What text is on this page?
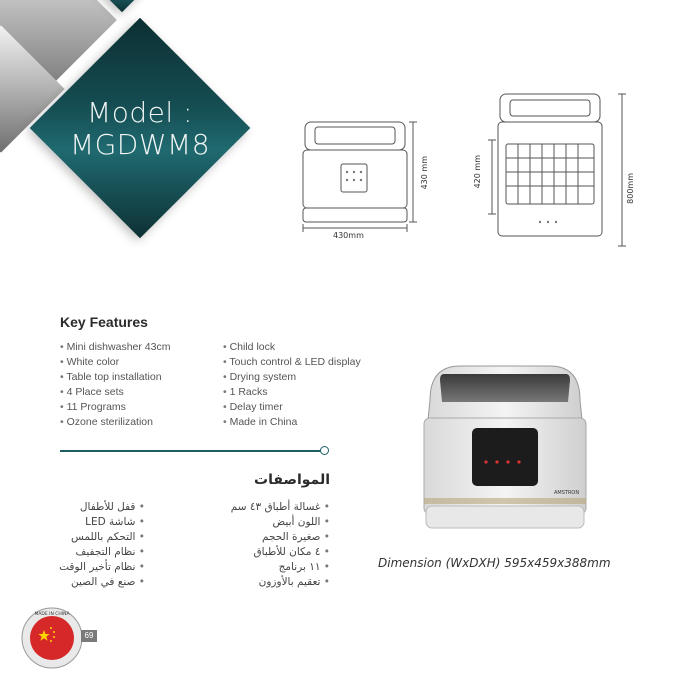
Model :
MGDWM8
430mm
430 mm	420 mm
800mm
Key Features
• Mini dishwasher 43cm
• White color
• Table top installation
• 4 Place sets
• 11 Programs
• Ozone sterilization
• Child lock
• Touch control & LED display
• Drying system
• 1 Racks
• Delay timer
• Made in China
المواصفات
• غسالة أطباق ٤٣ سم
• اللون أبيض
• صغيرة الحجم
• ٤ مكان للأطباق
• ١١ برنامج
• تعقيم بالأوزون
• قفل للأطفال
• شاشة LED
• التحكم باللمس
• نظام التجفيف
• نظام تأخير الوقت
• صنع في الصين
AMSTRON
Dimension (WxDXH) 595x459x388mm
MADE IN CHINA
69
